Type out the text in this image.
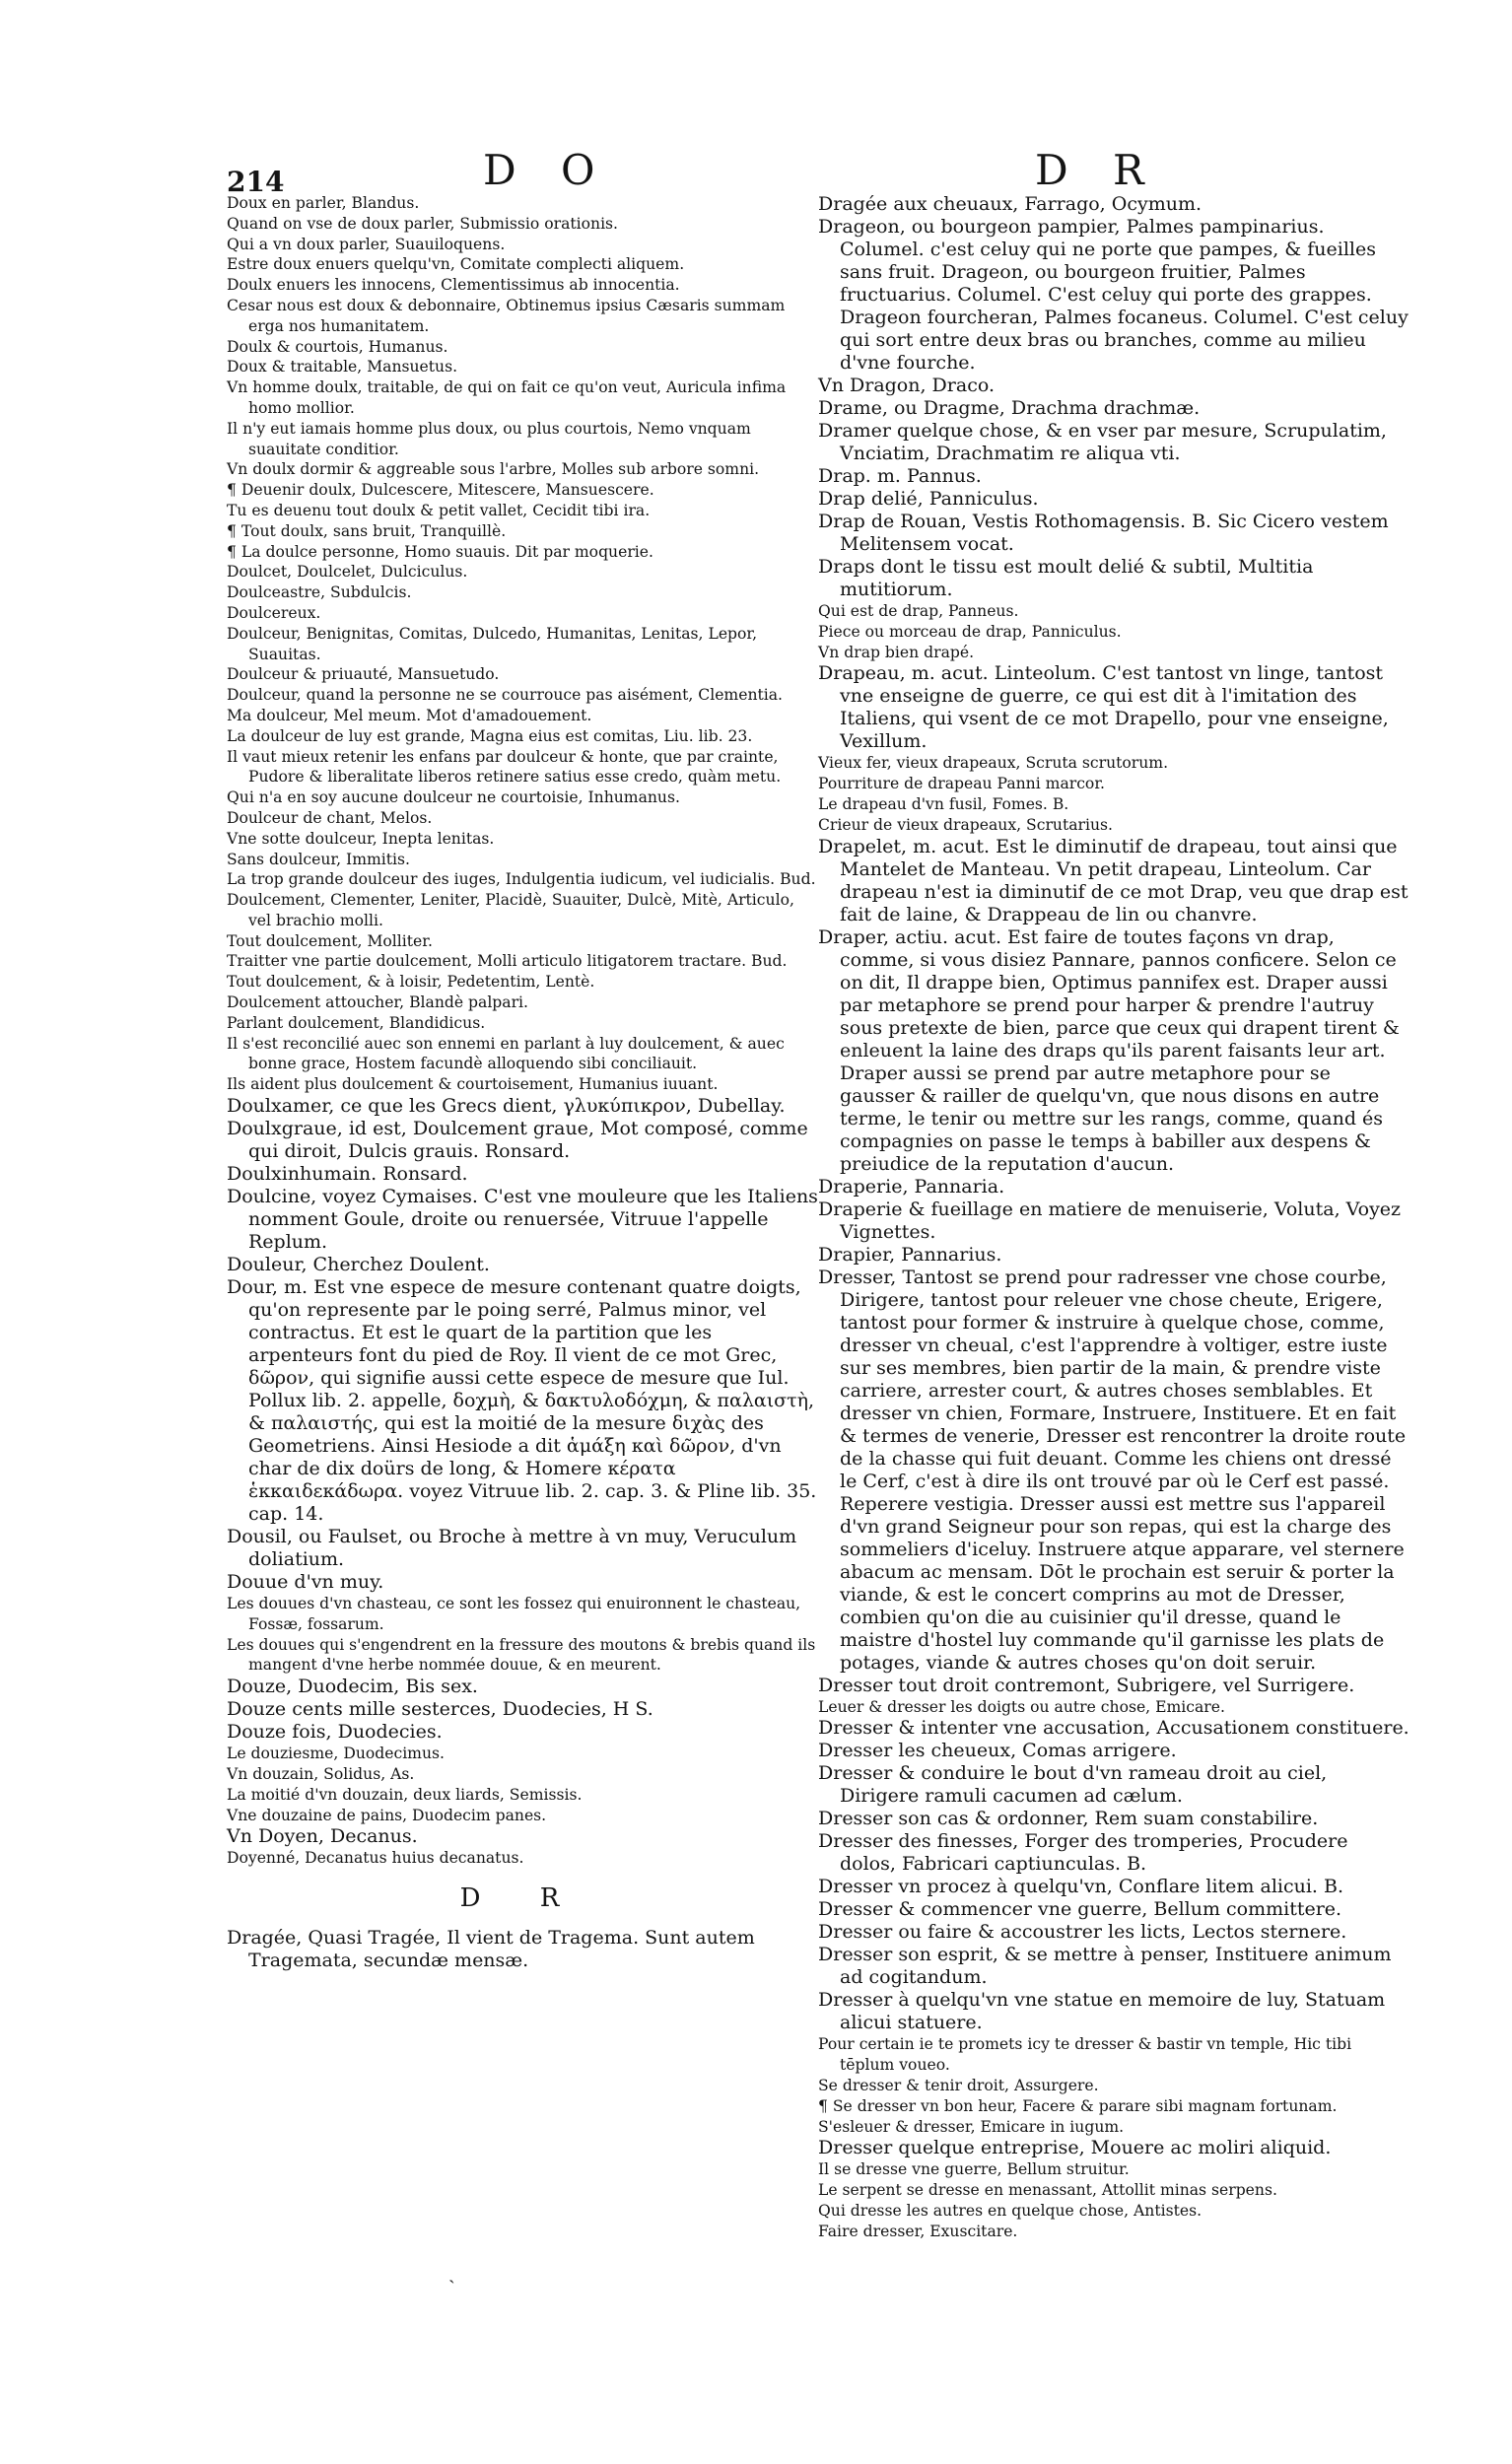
214	D O	D R

Doux en parler, Blandus.

Quand on vse de doux parler, Submissio orationis.

Qui a vn doux parler, Suauiloquens.

Estre doux enuers quelqu'vn, Comitate complecti aliquem.

Doulx enuers les innocens, Clementissimus ab innocentia.

Cesar nous est doux & debonnaire, Obtinemus ipsius Cæsaris summam erga nos humanitatem.

Doulx & courtois, Humanus.

Doux & traitable, Mansuetus.

Vn homme doulx, traitable, de qui on fait ce qu'on veut, Auricula infima homo mollior.

Il n'y eut iamais homme plus doux, ou plus courtois, Nemo vnquam suauitate conditior.

Vn doulx dormir & aggreable sous l'arbre, Molles sub arbore somni.

¶ Deuenir doulx, Dulcescere, Mitescere, Mansuescere.

Tu es deuenu tout doulx & petit vallet, Cecidit tibi ira.

¶ Tout doulx, sans bruit, Tranquillè.

¶ La doulce personne, Homo suauis. Dit par moquerie.

Doulcet, Doulcelet, Dulciculus.

Doulceastre, Subdulcis.

Doulcereux.

Doulceur, Benignitas, Comitas, Dulcedo, Humanitas, Lenitas, Lepor, Suauitas.

Doulceur & priuauté, Mansuetudo.

Doulceur, quand la personne ne se courrouce pas aisément, Clementia.

Ma doulceur, Mel meum. Mot d'amadouement.

La doulceur de luy est grande, Magna eius est comitas, Liu. lib. 23.

Il vaut mieux retenir les enfans par doulceur & honte, que par crainte, Pudore & liberalitate liberos retinere satius esse credo, quàm metu.

Qui n'a en soy aucune doulceur ne courtoisie, Inhumanus.

Doulceur de chant, Melos.

Vne sotte doulceur, Inepta lenitas.

Sans doulceur, Immitis.

La trop grande doulceur des iuges, Indulgentia iudicum, vel iudicialis. Bud.

Doulcement, Clementer, Leniter, Placidè, Suauiter, Dulcè, Mitè, Articulo, vel brachio molli.

Tout doulcement, Molliter.

Traitter vne partie doulcement, Molli articulo litigatorem tractare. Bud.

Tout doulcement, & à loisir, Pedetentim, Lentè.

Doulcement attoucher, Blandè palpari.

Parlant doulcement, Blandidicus.

Il s'est reconcilié auec son ennemi en parlant à luy doulcement, & auec bonne grace, Hostem facundè alloquendo sibi conciliauit.

Ils aident plus doulcement & courtoisement, Humanius iuuant.

Doulxamer, ce que les Grecs dient, γλυκύπικρον, Dubellay.

Doulxgraue, id est, Doulcement graue, Mot composé, comme qui diroit, Dulcis grauis. Ronsard.

Doulxinhumain. Ronsard.

Doulcine, voyez Cymaises. C'est vne mouleure que les Italiens nomment Goule, droite ou renuersée, Vitruue l'appelle Replum.

Douleur, Cherchez Doulent.

Dour, m. Est vne espece de mesure contenant quatre doigts, qu'on represente par le poing serré, Palmus minor, vel contractus. Et est le quart de la partition que les arpenteurs font du pied de Roy. Il vient de ce mot Grec, δῶρον, qui signifie aussi cette espece de mesure que Iul. Pollux lib. 2. appelle, δοχμὴ, & δακτυλοδόχμη, & παλαιστὴ, & παλαιστής, qui est la moitié de la mesure διχὰς des Geometriens. Ainsi Hesiode a dit ἁμάξη καὶ δῶρον, d'vn char de dix doürs de long, & Homere κέρατα ἑκκαιδεκάδωρα. voyez Vitruue lib. 2. cap. 3. & Pline lib. 35. cap. 14.

Dousil, ou Faulset, ou Broche à mettre à vn muy, Veruculum doliatium.

Douue d'vn muy.

Les douues d'vn chasteau, ce sont les fossez qui enuironnent le chasteau, Fossæ, fossarum.

Les douues qui s'engendrent en la fressure des moutons & brebis quand ils mangent d'vne herbe nommée douue, & en meurent.

Douze, Duodecim, Bis sex.

Douze cents mille sesterces, Duodecies, H S.

Douze fois, Duodecies.

Le douziesme, Duodecimus.

Vn douzain, Solidus, As.

La moitié d'vn douzain, deux liards, Semissis.

Vne douzaine de pains, Duodecim panes.

Vn Doyen, Decanus.

Doyenné, Decanatus huius decanatus.

D R

Dragée, Quasi Tragée, Il vient de Tragema. Sunt autem Tragemata, secundæ mensæ.

Dragée aux cheuaux, Farrago, Ocymum.

Drageon, ou bourgeon pampier, Palmes pampinarius. Columel. c'est celuy qui ne porte que pampes, & fueilles sans fruit. Drageon, ou bourgeon fruitier, Palmes fructuarius. Columel. C'est celuy qui porte des grappes. Drageon fourcheran, Palmes focaneus. Columel. C'est celuy qui sort entre deux bras ou branches, comme au milieu d'vne fourche.

Vn Dragon, Draco.

Drame, ou Dragme, Drachma drachmæ.

Dramer quelque chose, & en vser par mesure, Scrupulatim, Vnciatim, Drachmatim re aliqua vti.

Drap. m. Pannus.

Drap delié, Panniculus.

Drap de Rouan, Vestis Rothomagensis. B. Sic Cicero vestem Melitensem vocat.

Draps dont le tissu est moult delié & subtil, Multitia mutitiorum.

Qui est de drap, Panneus.

Piece ou morceau de drap, Panniculus.

Vn drap bien drapé.

Drapeau, m. acut. Linteolum. C'est tantost vn linge, tantost vne enseigne de guerre, ce qui est dit à l'imitation des Italiens, qui vsent de ce mot Drapello, pour vne enseigne, Vexillum.

Vieux fer, vieux drapeaux, Scruta scrutorum.

Pourriture de drapeau Panni marcor.

Le drapeau d'vn fusil, Fomes. B.

Crieur de vieux drapeaux, Scrutarius.

Drapelet, m. acut. Est le diminutif de drapeau, tout ainsi que Mantelet de Manteau. Vn petit drapeau, Linteolum. Car drapeau n'est ia diminutif de ce mot Drap, veu que drap est fait de laine, & Drappeau de lin ou chanvre.

Draper, actiu. acut. Est faire de toutes façons vn drap, comme, si vous disiez Pannare, pannos conficere. Selon ce on dit, Il drappe bien, Optimus pannifex est. Draper aussi par metaphore se prend pour harper & prendre l'autruy sous pretexte de bien, parce que ceux qui drapent tirent & enleuent la laine des draps qu'ils parent faisants leur art. Draper aussi se prend par autre metaphore pour se gausser & railler de quelqu'vn, que nous disons en autre terme, le tenir ou mettre sur les rangs, comme, quand és compagnies on passe le temps à babiller aux despens & preiudice de la reputation d'aucun.

Draperie, Pannaria.

Draperie & fueillage en matiere de menuiserie, Voluta, Voyez Vignettes.

Drapier, Pannarius.

Dresser, Tantost se prend pour radresser vne chose courbe, Dirigere, tantost pour releuer vne chose cheute, Erigere, tantost pour former & instruire à quelque chose, comme, dresser vn cheual, c'est l'apprendre à voltiger, estre iuste sur ses membres, bien partir de la main, & prendre viste carriere, arrester court, & autres choses semblables. Et dresser vn chien, Formare, Instruere, Instituere. Et en fait & termes de venerie, Dresser est rencontrer la droite route de la chasse qui fuit deuant. Comme les chiens ont dressé le Cerf, c'est à dire ils ont trouvé par où le Cerf est passé. Reperere vestigia. Dresser aussi est mettre sus l'appareil d'vn grand Seigneur pour son repas, qui est la charge des sommeliers d'iceluy. Instruere atque apparare, vel sternere abacum ac mensam. Dōt le prochain est seruir & porter la viande, & est le concert comprins au mot de Dresser, combien qu'on die au cuisinier qu'il dresse, quand le maistre d'hostel luy commande qu'il garnisse les plats de potages, viande & autres choses qu'on doit seruir.

Dresser tout droit contremont, Subrigere, vel Surrigere.

Leuer & dresser les doigts ou autre chose, Emicare.

Dresser & intenter vne accusation, Accusationem constituere.

Dresser les cheueux, Comas arrigere.

Dresser & conduire le bout d'vn rameau droit au ciel, Dirigere ramuli cacumen ad cælum.

Dresser son cas & ordonner, Rem suam constabilire.

Dresser des finesses, Forger des tromperies, Procudere dolos, Fabricari captiunculas. B.

Dresser vn procez à quelqu'vn, Conflare litem alicui. B.

Dresser & commencer vne guerre, Bellum committere.

Dresser ou faire & accoustrer les licts, Lectos sternere.

Dresser son esprit, & se mettre à penser, Instituere animum ad cogitandum.

Dresser à quelqu'vn vne statue en memoire de luy, Statuam alicui statuere.

Pour certain ie te promets icy te dresser & bastir vn temple, Hic tibi tēplum voueo.

Se dresser & tenir droit, Assurgere.

¶ Se dresser vn bon heur, Facere & parare sibi magnam fortunam.

S'esleuer & dresser, Emicare in iugum.

Dresser quelque entreprise, Mouere ac moliri aliquid.

Il se dresse vne guerre, Bellum struitur.

Le serpent se dresse en menassant, Attollit minas serpens.

Qui dresse les autres en quelque chose, Antistes.

Faire dresser, Exuscitare.

ˎ
